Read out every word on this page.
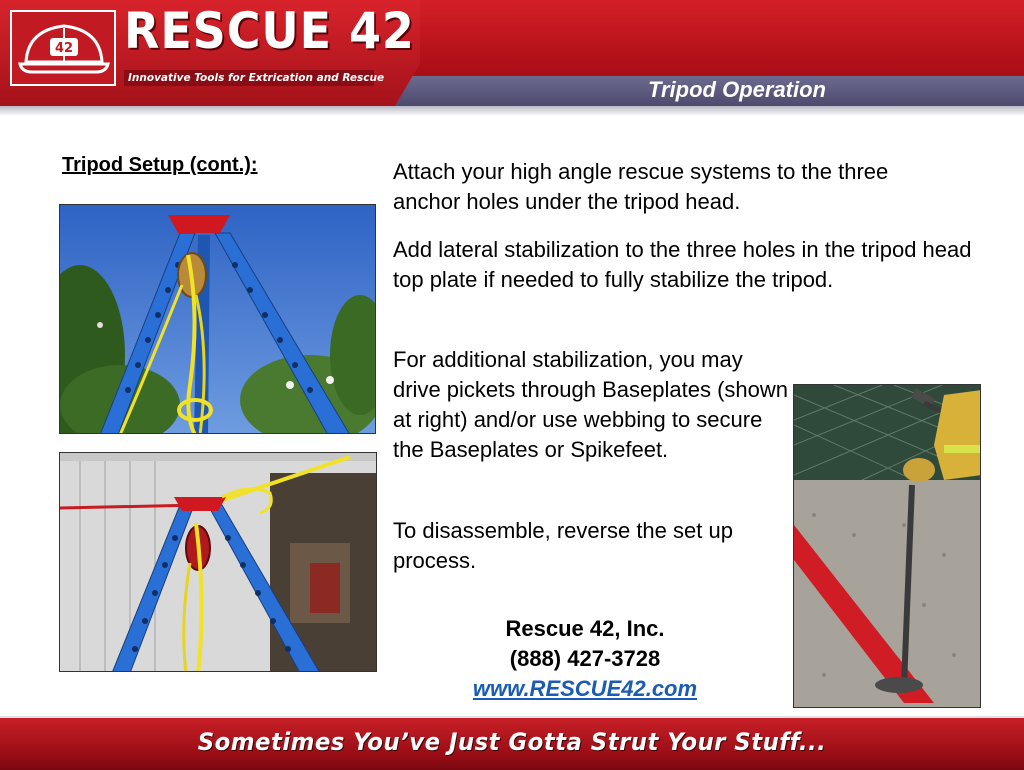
42 RESCUE 42
Innovative Tools for Extrication and Rescue	Tripod Operation
Tripod Setup (cont.):	Attach your high angle rescue systems to the three anchor holes under the tripod head.

Add lateral stabilization to the three holes in the tripod head top plate if needed to fully stabilize the tripod.

For additional stabilization, you may drive pickets through Baseplates (shown at right) and/or use webbing to secure the Baseplates or Spikefeet.

To disassemble, reverse the set up process.

Rescue 42, Inc.
(888) 427-3728
www.RESCUE42.com
Sometimes You’ve Just Gotta Strut Your Stuff...
